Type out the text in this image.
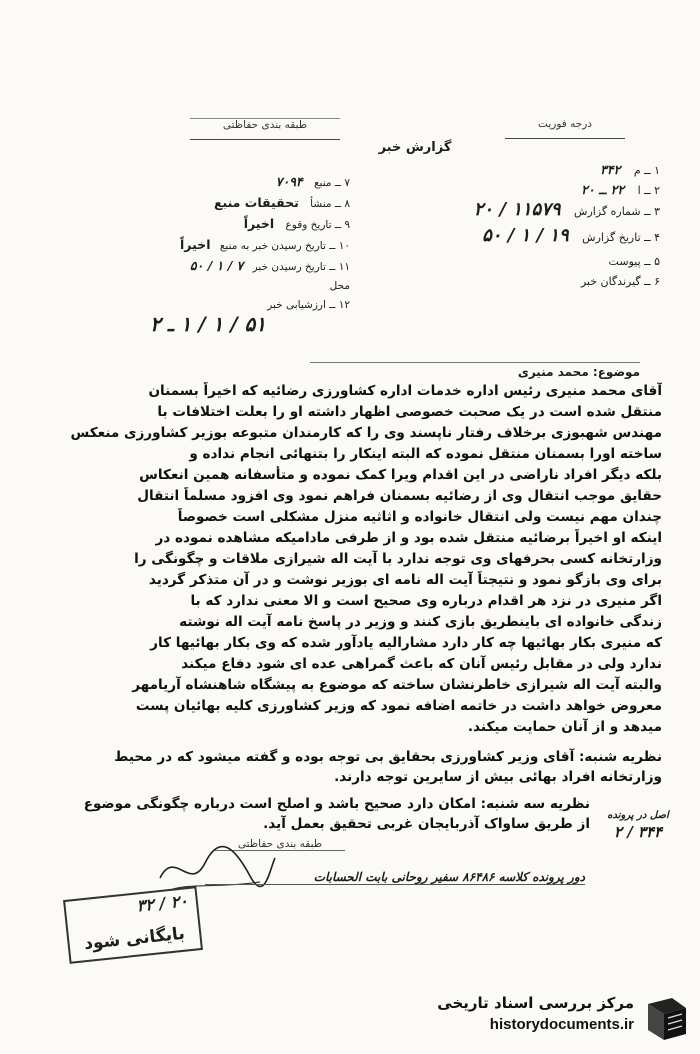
طبقه بندی حفاظتی	درجه فوریت
گزارش خبر
۱ ــ م ۳۴۲
۲ ــ ا ۲۲ ــ ۲۰
۳ ــ شماره گزارش ۱۱۵۷۹ / ۲۰
۴ ــ تاریخ گزارش ۱۹ / ۱ / ۵۰
۵ ــ پیوست
۶ ــ گیرندگان خبر
۷ ــ منبع ۷۰۹۴
۸ ــ منشأ تحقیقات منبع
۹ ــ تاریخ وقوع اخیراً
۱۰ ــ تاریخ رسیدن خبر به منبع اخیراً
۱۱ ــ تاریخ رسیدن خبر ۷ / ۱ / ۵۰
محل
۱۲ ــ ارزشیابی خبر
۵۱ / ۱ / ۱ ـ ۲
موضوع: محمد منیری
آقای محمد منیری رئیس اداره خدمات اداره کشاورزی رضائیه که اخیراً بسمنان
منتقل شده است در یک صحبت خصوصی اظهار داشته او را بعلت اختلافات با
مهندس شهبوزی برخلاف رفتار ناپسند وی را که کارمندان متبوعه بوزیر کشاورزی منعکس
ساخته اورا بسمنان منتقل نموده که البته اینکار را بتنهائی انجام نداده و
بلکه دیگر افراد ناراضی در این اقدام ویرا کمک نموده و متأسفانه همین انعکاس
حقایق موجب انتقال وی از رضائیه بسمنان فراهم نمود وی افزود مسلماً انتقال
چندان مهم نیست ولی انتقال خانواده و اثاثیه منزل مشکلی است خصوصاً
اینکه او اخیراً برضائیه منتقل شده بود و از طرفی مادامیکه مشاهده نموده در
وزارتخانه کسی بحرفهای وی توجه ندارد با آیت اله شیرازی ملاقات و چگونگی را
برای وی بازگو نمود و نتیجتاً آیت اله نامه ای بوزیر نوشت و در آن متذکر گردید
اگر منیری در نزد هر اقدام درباره وی صحیح است و الا معنی ندارد که با
زندگی خانواده ای باینطریق بازی کنند و وزیر در پاسخ نامه آیت اله نوشته
که منیری بکار بهائیها چه کار دارد مشارالیه یادآور شده که وی بکار بهائیها کار
ندارد ولی در مقابل رئیس آنان که باعث گمراهی عده ای شود دفاع میکند
والبته آیت اله شیرازی خاطرنشان ساخته که موضوع به پیشگاه شاهنشاه آریامهر
معروض خواهد داشت در خاتمه اضافه نمود که وزیر کشاورزی کلیه بهائیان پست
میدهد و از آنان حمایت میکند.
نظریه شنبه: آقای وزیر کشاورزی بحقایق بی توجه بوده و گفته میشود که در محیط
وزارتخانه افراد بهائی بیش از سایرین توجه دارند.
نظریه سه شنبه: امکان دارد صحیح باشد و اصلح است درباره چگونگی موضوع
از طریق ساواک آذربایجان غربی تحقیق بعمل آید.
اصل در پرونده
۳۴۴ / ۲
طبقه بندی حفاظتی
دور پرونده کلاسه ۸۶۴۸۶ سفیر روحانی بابت الحسابات
۳۲ / ۲۰
بایگانی شود
مرکز بررسی اسناد تاریخی
historydocuments.ir
